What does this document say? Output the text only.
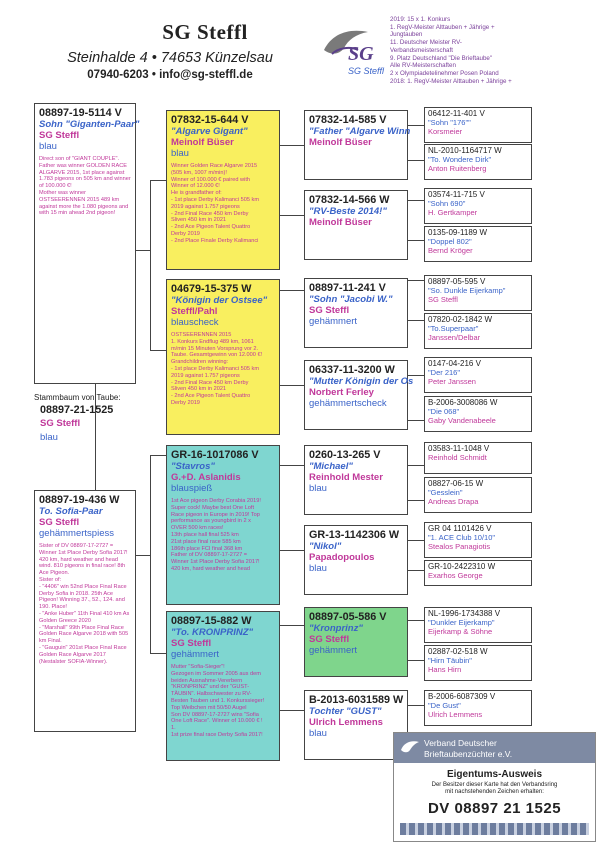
SG Steffl
Steinhalde 4 • 74653 Künzelsau
07940-6203 • info@sg-steffl.de
SG
SG Steffl
2019: 15 x 1. Konkurs
1. RegV-Meister Alttauben + Jährige +
Jungtauben
11. Deutscher Meister RV-
Verbandsmeisterschaft
9. Platz Deutschland "Die Brieftaube"
Alle RV-Meisterschaften
2 x Olympiadetelinehmer Posen Poland
2018: 1. RegV-Meister Alttauben + Jährige +
08897-19-5114 V
Sohn "Giganten-Paar"
SG Steffl
blau
Direct son of "GIANT COUPLE".
Father was winner GOLDEN RACE
ALGARVE 2015, 1st place against
1.783 pigeons on 505 km and winner
of 100.000 €!
Mother was winner
OSTSEERENNEN 2015 489 km
against more the 1.080 pigeons and
with 15 min ahead 2nd pigeon!
Stammbaum von Taube:
08897-21-1525
SG Steffl
blau
08897-19-436 W
To. Sofia-Paar
SG Steffl
gehämmertspiess
Sister of DV 08897-17-2727 =
Winner 1st Place Derby Sofia 2017!
420 km, hard weather and head
wind. 810 pigeons in final race! 8th
Ace Pigeon.
Sister of:
- "4406" win 52nd Place Final Race
Derby Sofia in 2018. 25th Ace
Pigeon! Winning 37., 52., 124. and
190. Place!
- "Anke Huber" 11th Final 410 km As
Golden Greece 2020
- "Marshall" 99th Place Final Race
Golden Race Algarve 2018 with 505
km Final.
- "Gauguin" 201st Place Final Race
Golden Race Algarve 2017
(Nestalster SOFIA-Winner).
07832-15-644 V
"Algarve Gigant"
Meinolf Büser
blau
Winner Golden Race Algarve 2015
(505 km, 1007 m/min)!
Winner of 100.000 € paired with
Winner of 12.000 €!
He is grandfather of:
- 1st place Derby Kalimanci 505 km
2019 against 1.757 pigeons
- 2nd Final Race 450 km Derby
Sliven 450 km in 2021
- 2nd Ace Pigeon Talent Quattro
Derby 2019
- 2nd Place Finale Derby Kalimanci
04679-15-375 W
"Königin der Ostsee"
Steffl/Pahl
blauscheck
OSTSEERENNEN 2015
1. Konkurs Endflug 489 km, 1061
m/min 15 Minuten Vorsprung vor 2.
Taube. Gesamtgewinn von 12.000 €!
Grandchildren winning:
- 1st place Derby Kalimanci 505 km
2019 against 1.757 pigeons
- 2nd Final Race 450 km Derby
Sliven 450 km in 2021
- 2nd Ace Pigeon Talent Quattro
Derby 2019
GR-16-1017086 V
"Stavros"
G.+D. Aslanidis
blauspieß
1st Ace pigeon Derby Corabia 2019!
Super cock! Maybe best One Loft
Race pigeon in Europe in 2019! Top
performance as youngbird in 2 x
OVER 500 km races!
13th place hall final 525 km
21st place final race 585 km
186th place FCI final 368 km
Father of DV 08897-17-2727 =
Winner 1st Place Derby Sofia 2017!
420 km, hard weather and head
08897-15-882 W
"To. KRONPRINZ"
SG Steffl
gehämmert
Mutter "Sofia-Sieger"!
Gezogen im Sommer 2005 aus dem
beiden Ausnahme-Vererbern
"KRONPRINZ" und der "GUST-
TÄUBIN". Halbschwester zu RV-
Besten Tauben und 1. Konkurssieger!
Top Weibchen mit 50/50 Augel
Son DV 08897-17-2727 wins "Sofia
One Loft Race". Winner of 10.000 € !
1.
1st prize final race Derby Sofia 2017!
07832-14-585 V
"Father "Algarve Winn
Meinolf Büser
07832-14-566 W
"RV-Beste 2014!"
Meinolf Büser
08897-11-241 V
"Sohn "Jacobi W."
SG Steffl
gehämmert
06337-11-3200 W
"Mutter Königin der Os
Norbert Ferley
gehämmertscheck
0260-13-265 V
"Michael"
Reinhold Mester
blau
GR-13-1142306 W
"Nikol"
Papadopoulos
blau
08897-05-586 V
"Kronprinz"
SG Steffl
gehämmert
B-2013-6031589 W
Tochter "GUST"
Ulrich Lemmens
blau
06412-11-401 V
"Sohn "176""
Korsmeier
NL-2010-1164717 W
"To. Wondere Dirk"
Anton Ruitenberg
03574-11-715 V
"Sohn 690"
H. Gertkamper
0135-09-1189 W
"Doppel 802"
Bernd Kröger
08897-05-595 V
"So. Dunkle Eijerkamp"
SG Steffl
07820-02-1842 W
"To.Superpaar"
Janssen/Delbar
0147-04-216 V
"Der 216"
Peter Janssen
B-2006-3008086 W
"Die 068"
Gaby Vandenabeele
03583-11-1048 V
Reinhold Schmidt
08827-06-15 W
"Gesslein"
Andreas Drapa
GR 04 1101426 V
"1. ACE Club 10/10"
Stealos Panagiotis
GR-10-2422310 W
Exarhos George
NL-1996-1734388 V
"Dunkler Eijerkamp"
Eijerkamp & Söhne
02887-02-518 W
"Hirn Täubin"
Hans Hirn
B-2006-6087309 V
"De Gust"
Ulrich Lemmens
Verband Deutscher
Brieftaubenzüchter e.V.
Eigentums-Ausweis
Der Besitzer dieser Karte hat den Verbandsring
mit nachstehenden Zeichen erhalten:
DV 08897 21 1525
